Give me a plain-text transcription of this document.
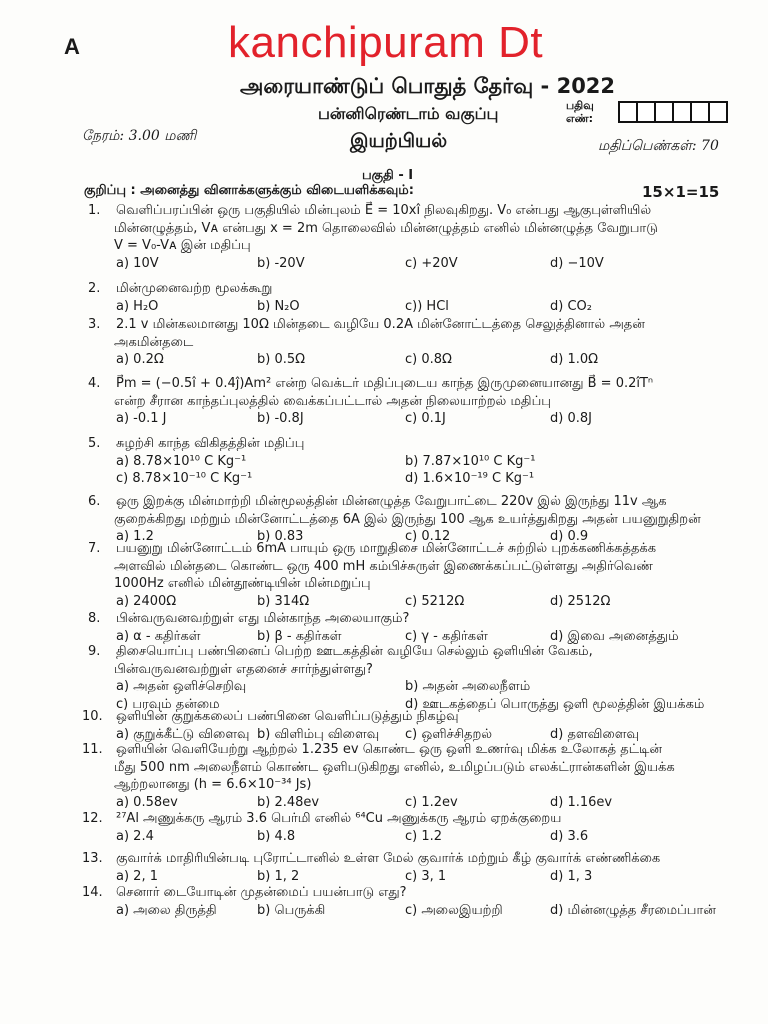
A	kanchipuram Dt
அரையாண்டுப் பொதுத் தேர்வு - 2022
பன்னிரெண்டாம் வகுப்பு
இயற்பியல்
நேரம்: 3.00 மணி
மதிப்பெண்கள்: 70
பதிவு எண்:
பகுதி - I
குறிப்பு : அனைத்து வினாக்களுக்கும் விடையளிக்கவும்:	15×1=15
1. வெளிப்பரப்பின் ஒரு பகுதியில் மின்புலம் E⃗ = 10xî நிலவுகிறது. V₀ என்பது ஆகுபுள்ளியில்
மின்னழுத்தம், Vᴀ என்பது x = 2m தொலைவில் மின்னழுத்தம் எனில் மின்னழுத்த வேறுபாடு
V = V₀-Vᴀ இன் மதிப்பு
a) 10V	b) -20V	c) +20V	d) −10V
2. மின்முனைவற்ற மூலக்கூறு
a) H₂O	b) N₂O	c)) HCl	d) CO₂
3. 2.1 v மின்கலமானது 10Ω மின்தடை வழியே 0.2A மின்னோட்டத்தை செலுத்தினால் அதன்
அகமின்தடை
a) 0.2Ω	b) 0.5Ω	c) 0.8Ω	d) 1.0Ω
4. P⃗m = (−0.5î + 0.4ĵ)Am² என்ற வெக்டர் மதிப்புடைய காந்த இருமுனையானது B⃗ = 0.2îTⁿ
என்ற சீரான காந்தப்புலத்தில் வைக்கப்பட்டால் அதன் நிலையாற்றல் மதிப்பு
a) -0.1 J	b) -0.8J	c) 0.1J	d) 0.8J
5. சுழற்சி காந்த விகிதத்தின் மதிப்பு
a) 8.78×10¹⁰ C Kg⁻¹	b) 7.87×10¹⁰ C Kg⁻¹
c) 8.78×10⁻¹⁰ C Kg⁻¹	d) 1.6×10⁻¹⁹ C Kg⁻¹
6. ஒரு இறக்கு மின்மாற்றி மின்மூலத்தின் மின்னழுத்த வேறுபாட்டை 220v இல் இருந்து 11v ஆக
குறைக்கிறது மற்றும் மின்னோட்டத்தை 6A இல் இருந்து 100 ஆக உயர்த்துகிறது அதன் பயனுறுதிறன்
a) 1.2	b) 0.83	c) 0.12	d) 0.9
7. பயனுறு மின்னோட்டம் 6mA பாயும் ஒரு மாறுதிசை மின்னோட்டச் சுற்றில் புறக்கணிக்கத்தக்க
அளவில் மின்தடை கொண்ட ஒரு 400 mH கம்பிச்சுருள் இணைக்கப்பட்டுள்ளது அதிர்வெண்
1000Hz எனில் மின்தூண்டியின் மின்மறுப்பு
a) 2400Ω	b) 314Ω	c) 5212Ω	d) 2512Ω
8. பின்வருவனவற்றுள் எது மின்காந்த அலையாகும்?
a) α - கதிர்கள்	b) β - கதிர்கள்	c) γ - கதிர்கள்	d) இவை அனைத்தும்
9. திசையொப்பு பண்பினைப் பெற்ற ஊடகத்தின் வழியே செல்லும் ஒளியின் வேகம்,
பின்வருவனவற்றுள் எதனைச் சார்ந்துள்ளது?
a) அதன் ஒளிச்செறிவு	b) அதன் அலைநீளம்
c) பரவும் தன்மை	d) ஊடகத்தைப் பொருத்து ஒளி மூலத்தின் இயக்கம்
10. ஒளியின் குறுக்கலைப் பண்பினை வெளிப்படுத்தும் நிகழ்வு
a) குறுக்கீட்டு விளைவு b) விளிம்பு விளைவு c) ஒளிச்சிதறல்	d) தளவிளைவு
11. ஒளியின் வெளியேற்று ஆற்றல் 1.235 ev கொண்ட ஒரு ஒளி உணர்வு மிக்க உலோகத் தட்டின்
மீது 500 nm அலைநீளம் கொண்ட ஒளிபடுகிறது எனில், உமிழப்படும் எலக்ட்ரான்களின் இயக்க
ஆற்றலானது (h = 6.6×10⁻³⁴ Js)
a) 0.58ev	b) 2.48ev	c) 1.2ev	d) 1.16ev
12. ²⁷Al அணுக்கரு ஆரம் 3.6 பெர்மி எனில் ⁶⁴Cu அணுக்கரு ஆரம் ஏறக்குறைய
a) 2.4	b) 4.8	c) 1.2	d) 3.6
13. குவார்க் மாதிரியின்படி புரோட்டானில் உள்ள மேல் குவார்க் மற்றும் கீழ் குவார்க் எண்ணிக்கை
a) 2, 1	b) 1, 2	c) 3, 1	d) 1, 3
14. செனார் டையோடின் முதன்மைப் பயன்பாடு எது?
a) அலை திருத்தி	b) பெருக்கி	c) அலைஇயற்றி	d) மின்னழுத்த சீரமைப்பான்
